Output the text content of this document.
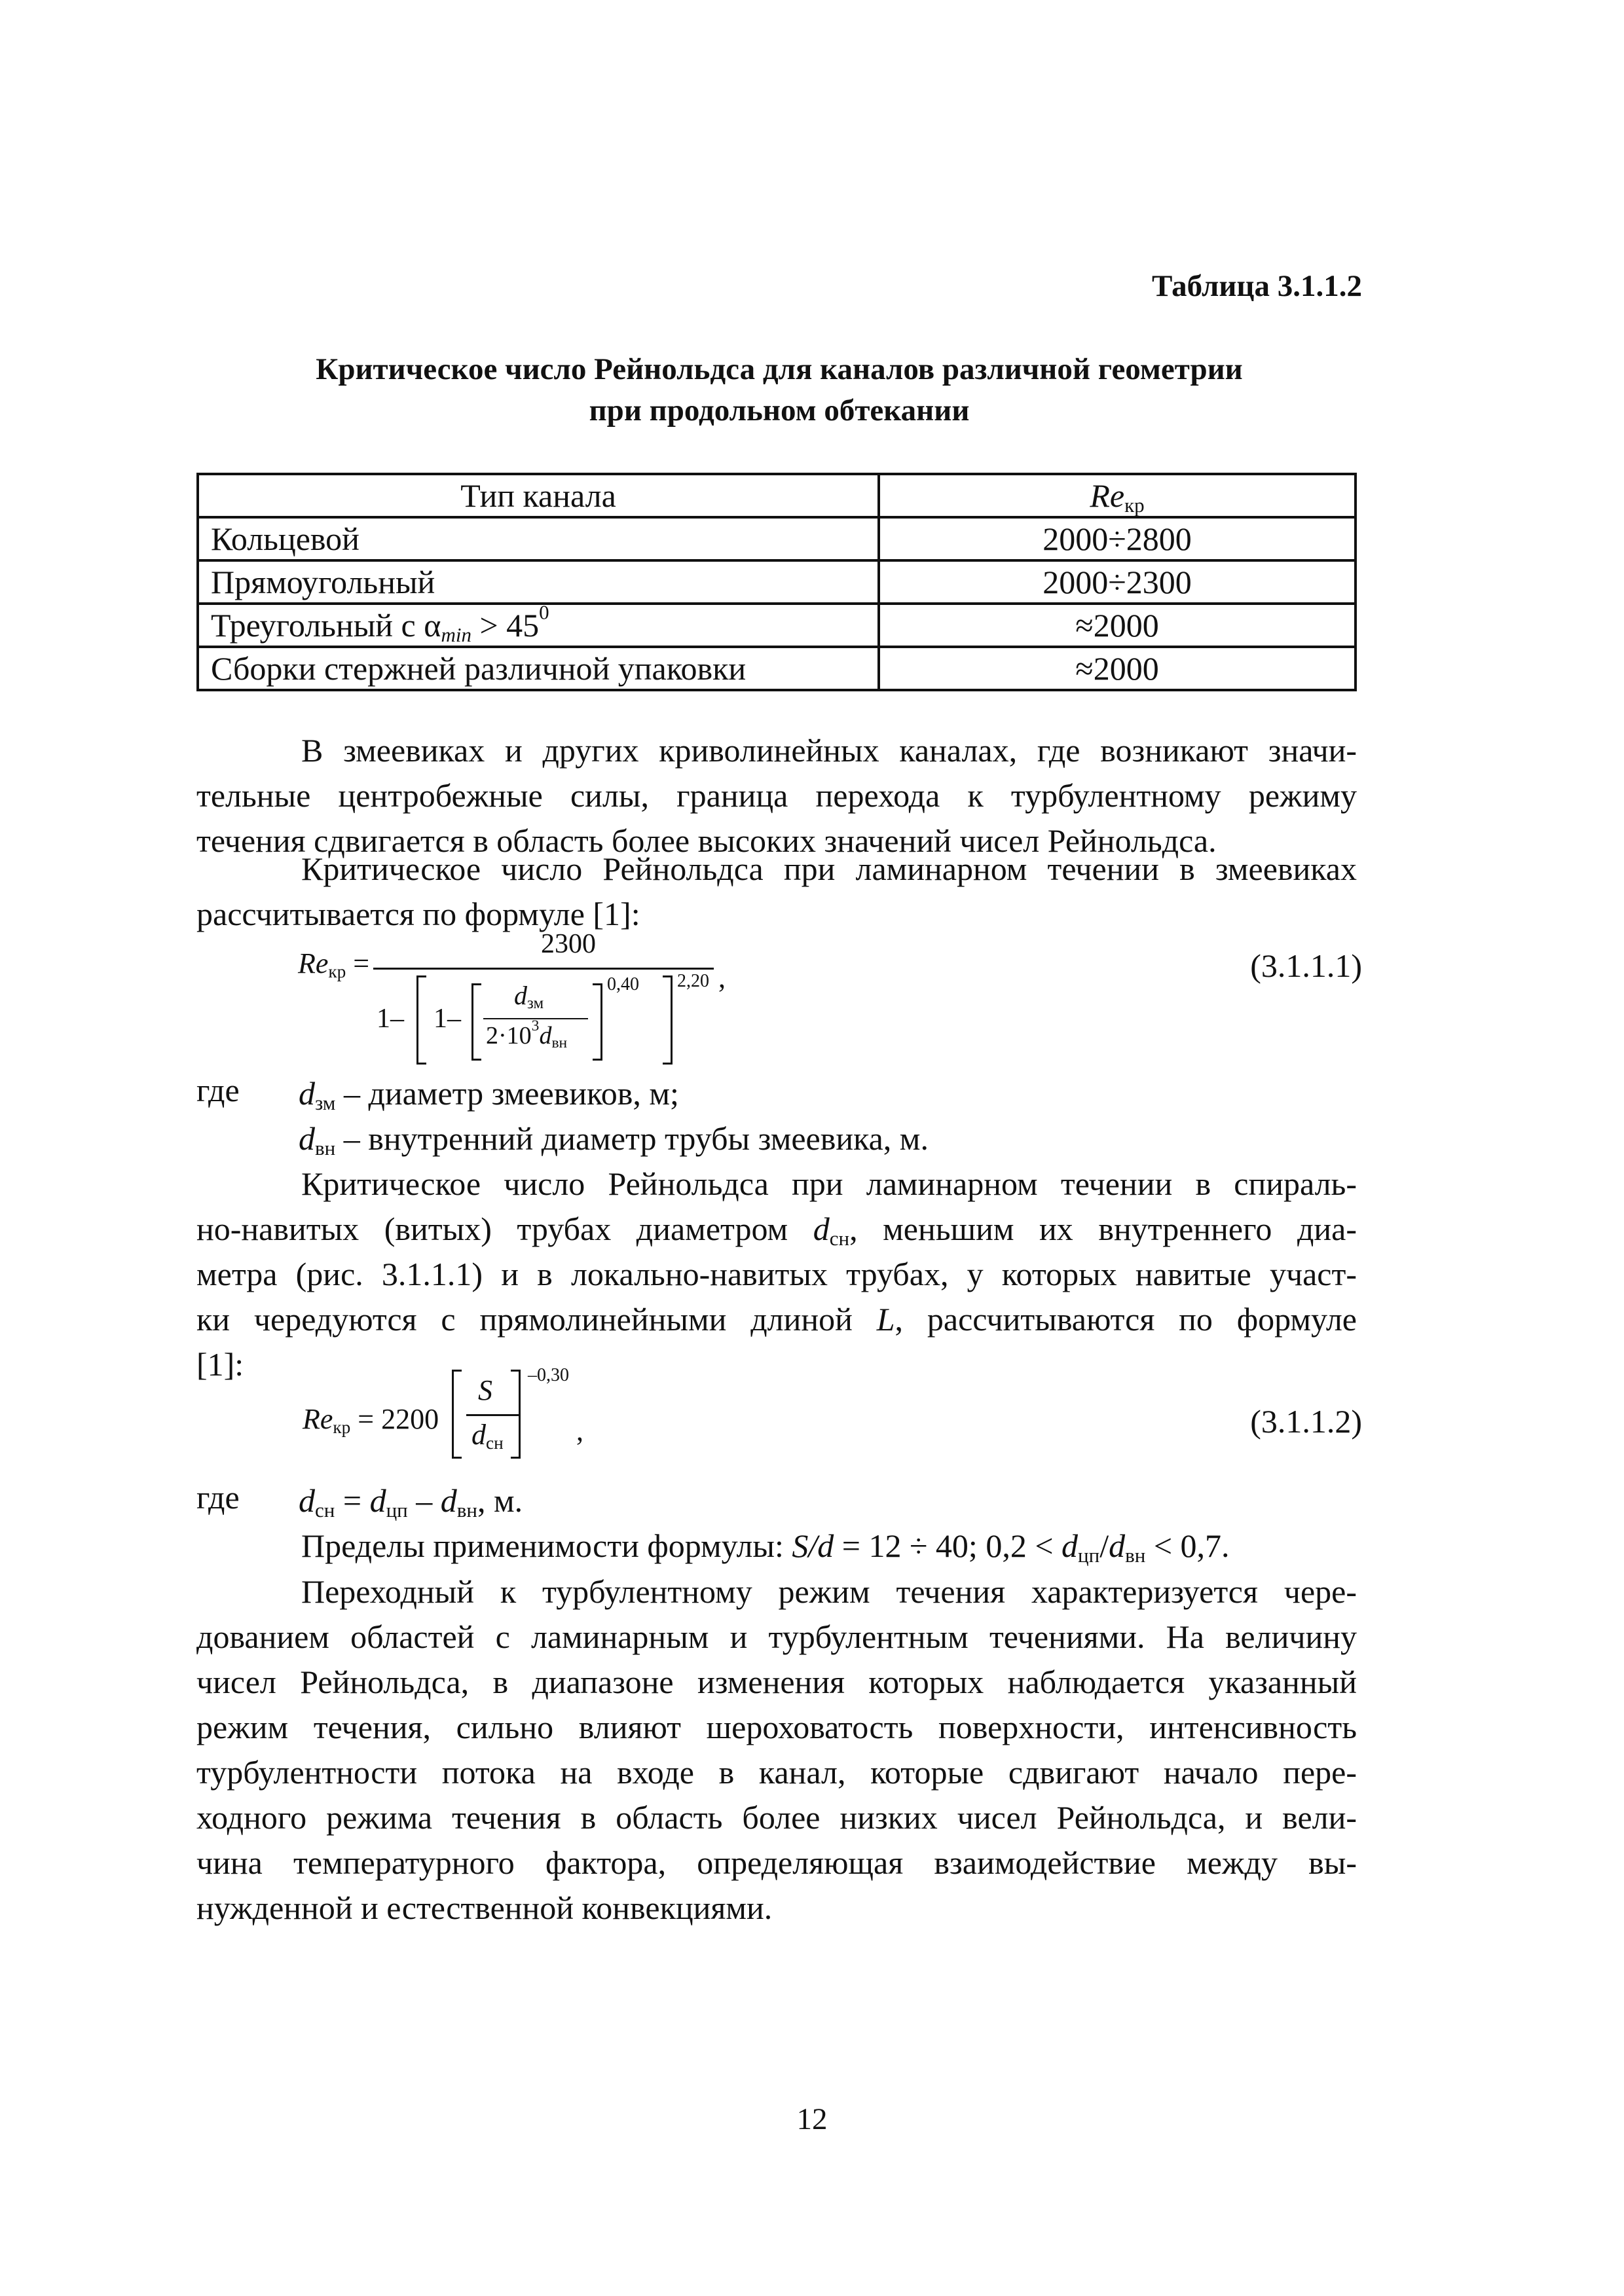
Таблица 3.1.1.2
Критическое число Рейнольдса для каналов различной геометрии
при продольном обтекании
Тип канала	$Re_{кр}$
Кольцевой	2000÷2800
Прямоугольный	2000÷2300
Треугольный с $\alpha_{min} > 45^0$	≈2000
Сборки стержней различной упаковки	≈2000
В змеевиках и других криволинейных каналах, где возникают значи-
тельные центробежные силы, граница перехода к турбулентному режиму
течения сдвигается в область более высоких значений чисел Рейнольдса.
Критическое число Рейнольдса при ламинарном течении в змеевиках
рассчитывается по формуле [1]:
$Re_{кр}$ =
2300
1– 1–
$d_{зм}$
$2\cdot 10^3d_{вн}$
0,40 2,20 ,	(3.1.1.1)
где $d_{зм}$ – диаметр змеевиков, м;
$d_{вн}$ – внутренний диаметр трубы змеевика, м.
Критическое число Рейнольдса при ламинарном течении в спираль-
но-навитых (витых) трубах диаметром $d_{сн}$, меньшим их внутреннего диа-
метра (рис. 3.1.1.1) и в локально-навитых трубах, у которых навитые участ-
ки чередуются с прямолинейными длиной L, рассчитываются по формуле
[1]:
$Re_{кр} = 2200$
S
$d_{сн}$
–0,30
,	(3.1.1.2)
где $d_{сн} = d_{цп} - d_{вн}$, м.
Пределы применимости формулы: S/d = 12 ÷ 40; $0,2 < d_{цп}/d_{вн} < 0,7$.
Переходный к турбулентному режим течения характеризуется чере-
дованием областей с ламинарным и турбулентным течениями. На величину
чисел Рейнольдса, в диапазоне изменения которых наблюдается указанный
режим течения, сильно влияют шероховатость поверхности, интенсивность
турбулентности потока на входе в канал, которые сдвигают начало пере-
ходного режима течения в область более низких чисел Рейнольдса, и вели-
чина температурного фактора, определяющая взаимодействие между вы-
нужденной и естественной конвекциями.
12
